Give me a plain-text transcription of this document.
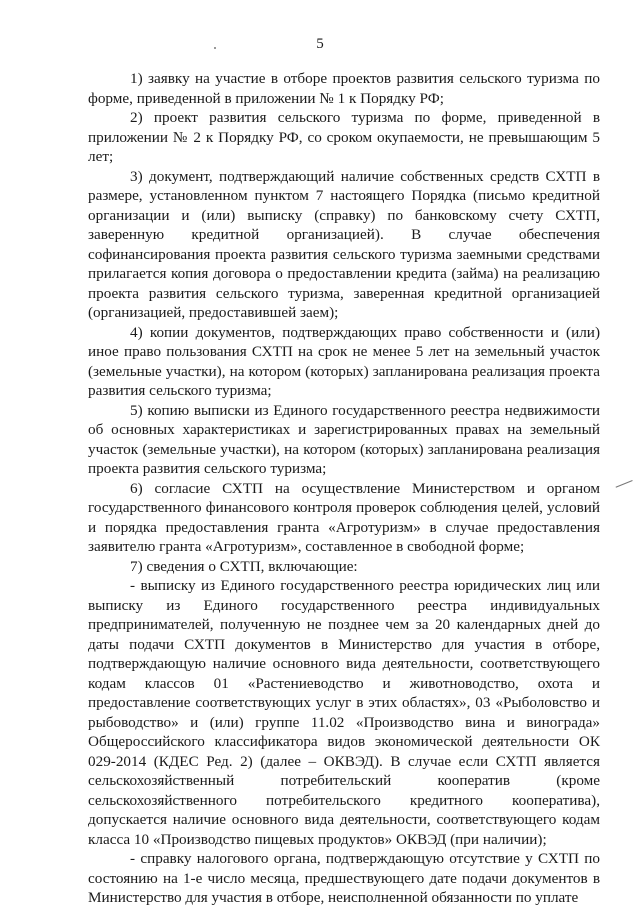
5

1) заявку на участие в отборе проектов развития сельского туризма по форме, приведенной в приложении № 1 к Порядку РФ;

2) проект развития сельского туризма по форме, приведенной в приложении № 2 к Порядку РФ, со сроком окупаемости, не превышающим 5 лет;

3) документ, подтверждающий наличие собственных средств СХТП в размере, установленном пунктом 7 настоящего Порядка (письмо кредитной организации и (или) выписку (справку) по банковскому счету СХТП, заверенную кредитной организацией). В случае обеспечения софинансирования проекта развития сельского туризма заемными средствами прилагается копия договора о предоставлении кредита (займа) на реализацию проекта развития сельского туризма, заверенная кредитной организацией (организацией, предоставившей заем);

4) копии документов, подтверждающих право собственности и (или) иное право пользования СХТП на срок не менее 5 лет на земельный участок (земельные участки), на котором (которых) запланирована реализация проекта развития сельского туризма;

5) копию выписки из Единого государственного реестра недвижимости об основных характеристиках и зарегистрированных правах на земельный участок (земельные участки), на котором (которых) запланирована реализация проекта развития сельского туризма;

6) согласие СХТП на осуществление Министерством и органом государственного финансового контроля проверок соблюдения целей, условий и порядка предоставления гранта «Агротуризм» в случае предоставления заявителю гранта «Агротуризм», составленное в свободной форме;

7) сведения о СХТП, включающие:

- выписку из Единого государственного реестра юридических лиц или выписку из Единого государственного реестра индивидуальных предпринимателей, полученную не позднее чем за 20 календарных дней до даты подачи СХТП документов в Министерство для участия в отборе, подтверждающую наличие основного вида деятельности, соответствующего кодам классов 01 «Растениеводство и животноводство, охота и предоставление соответствующих услуг в этих областях», 03 «Рыболовство и рыбоводство» и (или) группе 11.02 «Производство вина и винограда» Общероссийского классификатора видов экономической деятельности ОК 029-2014 (КДЕС Ред. 2) (далее – ОКВЭД). В случае если СХТП является сельскохозяйственный потребительский кооператив (кроме сельскохозяйственного потребительского кредитного кооператива), допускается наличие основного вида деятельности, соответствующего кодам класса 10 «Производство пищевых продуктов» ОКВЭД (при наличии);

- справку налогового органа, подтверждающую отсутствие у СХТП по состоянию на 1-е число месяца, предшествующего дате подачи документов в Министерство для участия в отборе, неисполненной обязанности по уплате
